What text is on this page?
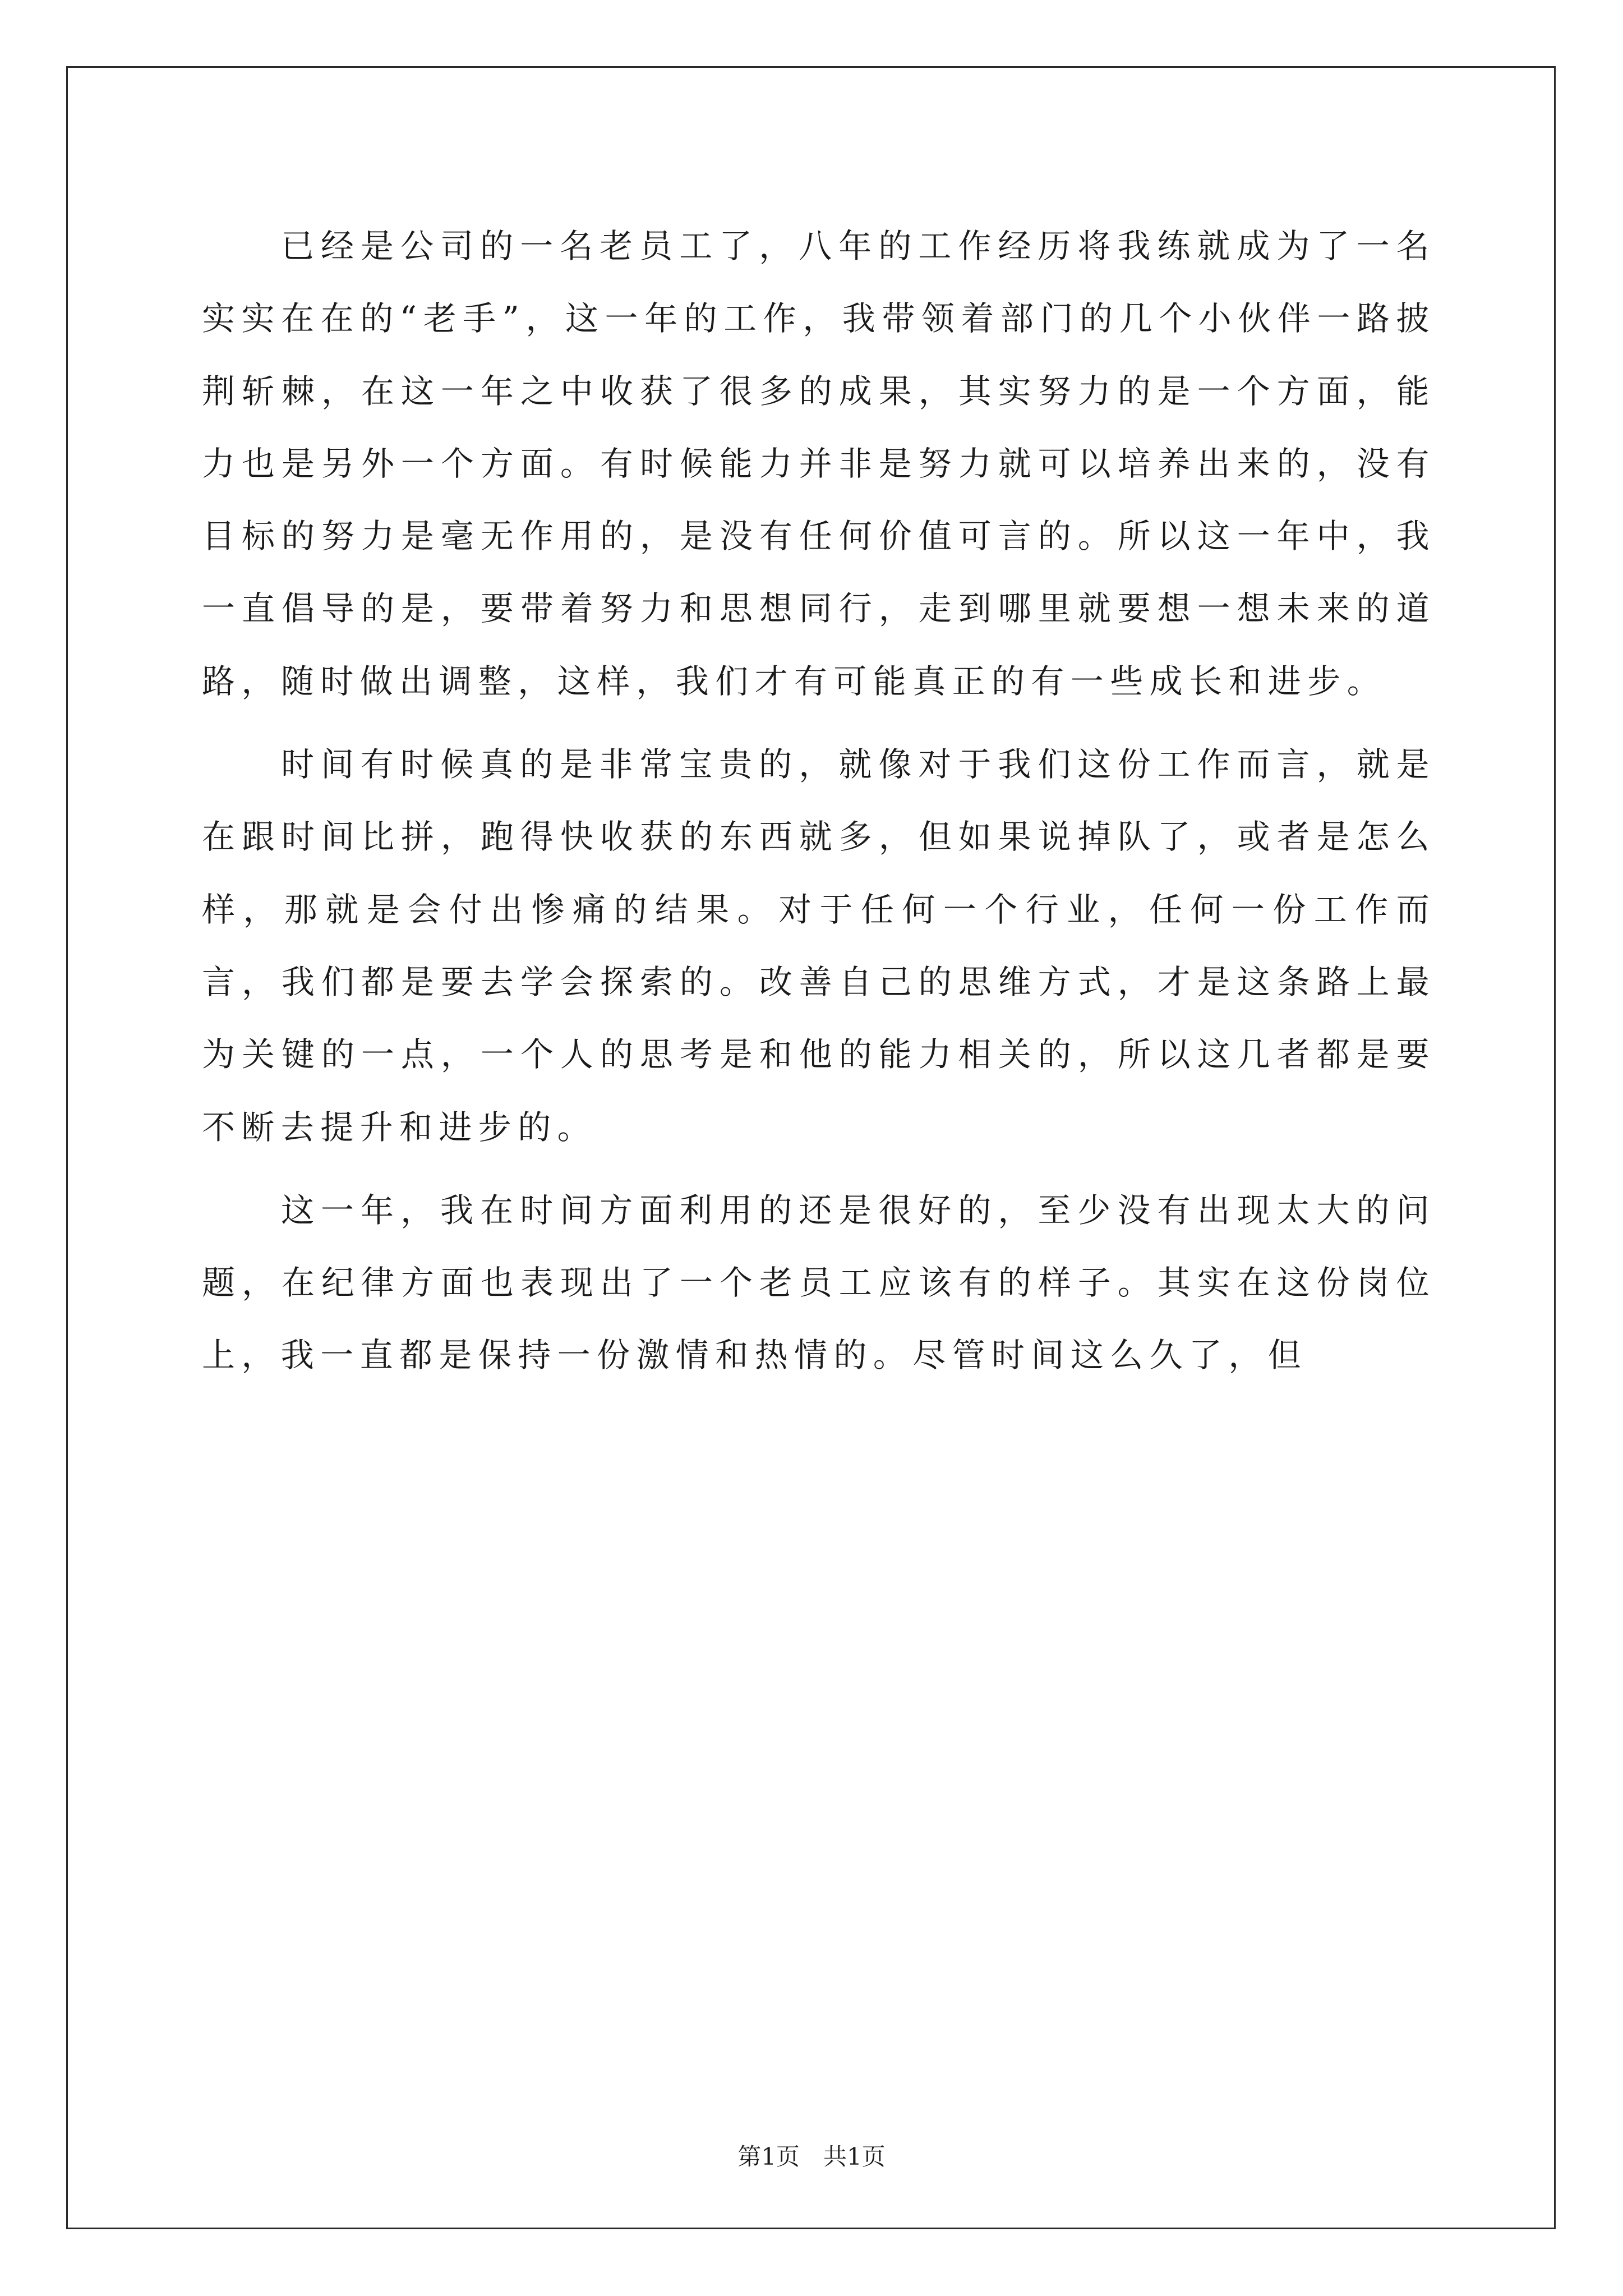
已经是公司的一名老员工了，八年的工作经历将我练就成为了一名实实在在的“老手”，这一年的工作，我带领着部门的几个小伙伴一路披荆斩棘，在这一年之中收获了很多的成果，其实努力的是一个方面，能力也是另外一个方面。有时候能力并非是努力就可以培养出来的，没有目标的努力是毫无作用的，是没有任何价值可言的。所以这一年中，我一直倡导的是，要带着努力和思想同行，走到哪里就要想一想未来的道路，随时做出调整，这样，我们才有可能真正的有一些成长和进步。

时间有时候真的是非常宝贵的，就像对于我们这份工作而言，就是在跟时间比拼，跑得快收获的东西就多，但如果说掉队了，或者是怎么样，那就是会付出惨痛的结果。对于任何一个行业，任何一份工作而言，我们都是要去学会探索的。改善自己的思维方式，才是这条路上最为关键的一点，一个人的思考是和他的能力相关的，所以这几者都是要不断去提升和进步的。

这一年，我在时间方面利用的还是很好的，至少没有出现太大的问题，在纪律方面也表现出了一个老员工应该有的样子。其实在这份岗位上，我一直都是保持一份激情和热情的。尽管时间这么久了，但

第1页　共1页
